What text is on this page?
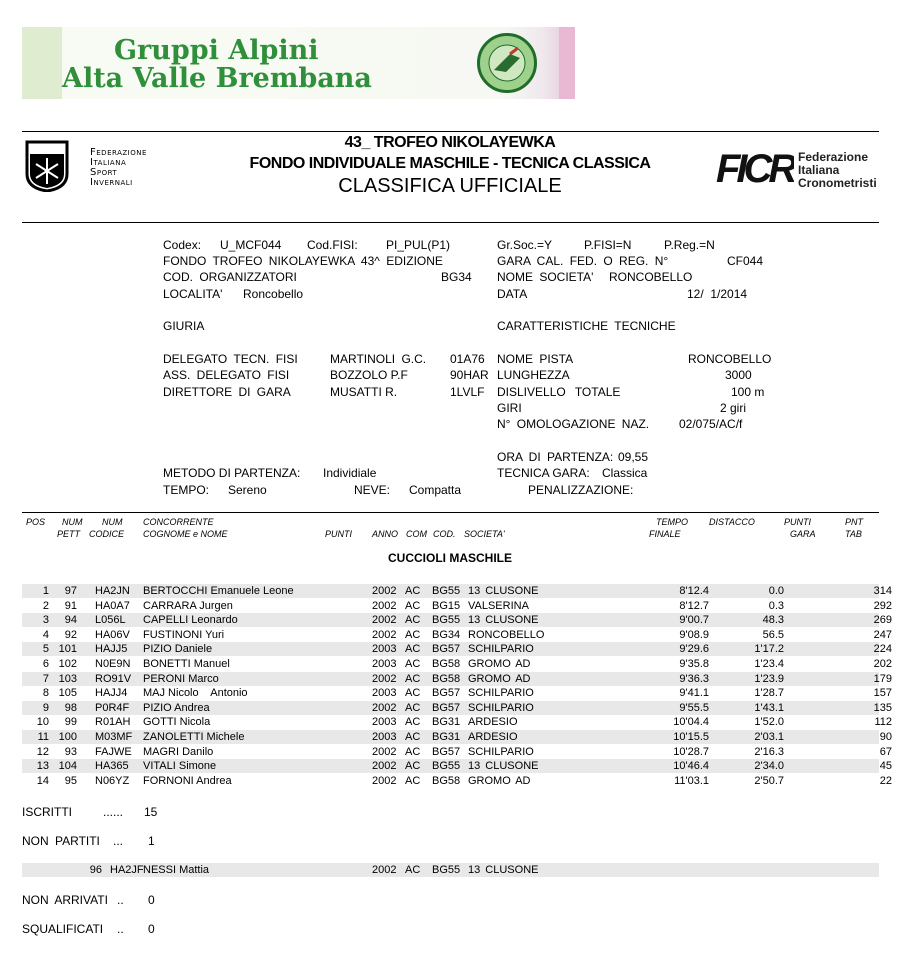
Gruppi Alpini
Alta Valle Brembana
Federazione
Italiana
Sport
Invernali
43_ TROFEO NIKOLAYEWKA
FONDO INDIVIDUALE MASCHILE - TECNICA CLASSICA
CLASSIFICA UFFICIALE	FICR Federazione
Italiana
Cronometristi
Codex: U_MCF044 Cod.FISI: PI_PUL(P1)	Gr.Soc.=Y	P.FISI=N	P.Reg.=N
FONDO TROFEO NIKOLAYEWKA 43^ EDIZIONE	GARA CAL. FED. O REG. N°	CF044
COD. ORGANIZZATORI	BG34 NOME SOCIETA' RONCOBELLO
LOCALITA' Roncobello	DATA	12/  1/2014
GIURIA	CARATTERISTICHE TECNICHE
DELEGATO TECN. FISI	MARTINOLI G.C. 01A76 NOME PISTA	RONCOBELLO
ASS. DELEGATO FISI	BOZZOLO P.F	90HAR LUNGHEZZA	3000
DIRETTORE DI GARA	MUSATTI R.	1LVLF DISLIVELLO TOTALE	100 m
GIRI	2 giri
N° OMOLOGAZIONE NAZ. 02/075/AC/f
ORA DI PARTENZA: 09,55
METODO DI PARTENZA: Individiale	TECNICA GARA: Classica
TEMPO: Sereno	NEVE: Compatta	PENALIZZAZIONE:
POS NUM
PETT
NUM
CODICE
CONCORRENTE
COGNOME e NOME	PUNTI ANNO COM COD. SOCIETA'
TEMPO
FINALE
DISTACCO	PUNTI
GARA
PNT
TAB
CUCCIOLI MASCHILE
1	97 HA2JN BERTOCCHI Emanuele Leone	2002 AC BG55 13 CLUSONE	8'12.4	0.0	314
2	91 HA0A7 CARRARA Jurgen	2002 AC BG15 VALSERINA	8'12.7	0.3	292
3	94 L056L CAPELLI Leonardo	2002 AC BG55 13 CLUSONE	9'00.7	48.3	269
4	92 HA06V FUSTINONI Yuri	2002 AC BG34 RONCOBELLO	9'08.9	56.5	247
5 101 HAJJ5 PIZIO Daniele	2003 AC BG57 SCHILPARIO	9'29.6	1'17.2	224
6 102 N0E9N BONETTI Manuel	2003 AC BG58 GROMO AD	9'35.8	1'23.4	202
7 103 RO91V PERONI Marco	2002 AC BG58 GROMO AD	9'36.3	1'23.9	179
8 105 HAJJ4 MAJ Nicolo    Antonio	2003 AC BG57 SCHILPARIO	9'41.1	1'28.7	157
9	98 P0R4F PIZIO Andrea	2002 AC BG57 SCHILPARIO	9'55.5	1'43.1	135
10	99 R01AH GOTTI Nicola	2003 AC BG31 ARDESIO	10'04.4	1'52.0	112
11 100 M03MF ZANOLETTI Michele	2003 AC BG31 ARDESIO	10'15.5	2'03.1	90
12	93 FAJWE MAGRI Danilo	2002 AC BG57 SCHILPARIO	10'28.7	2'16.3	67
13 104 HA365 VITALI Simone	2002 AC BG55 13 CLUSONE	10'46.4	2'34.0	45
14	95 N06YZ FORNONI Andrea	2002 AC BG58 GROMO AD	11'03.1	2'50.7	22
ISCRITTI	...... 15
NON PARTITI ... 1
96 HA2JF NESSI Mattia	2002 AC BG55 13 CLUSONE
NON ARRIVATI .. 0
SQUALIFICATI .. 0
